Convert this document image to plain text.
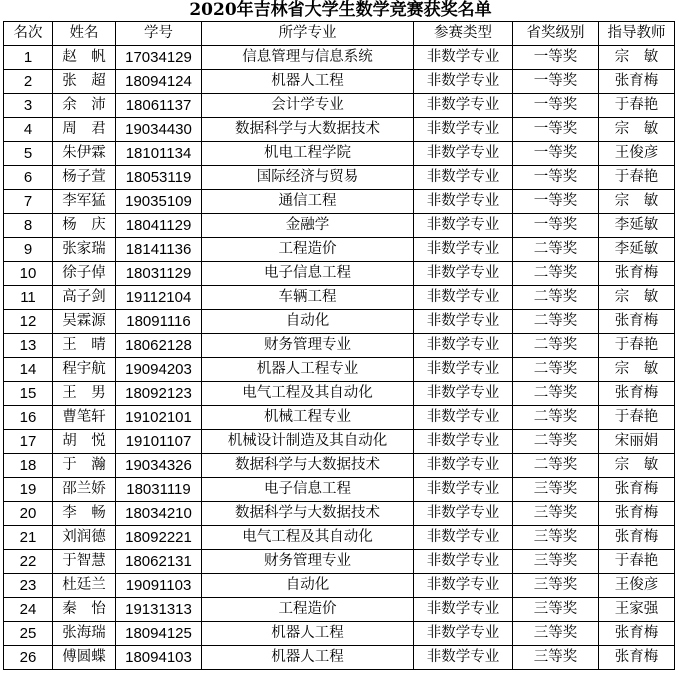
2020年吉林省大学生数学竞赛获奖名单
名次	姓名	学号	所学专业	参赛类型	省奖级别	指导教师
1	赵　帆	17034129	信息管理与信息系统	非数学专业	一等奖	宗　敏
2	张　超	18094124	机器人工程	非数学专业	一等奖	张育梅
3	余　沛	18061137	会计学专业	非数学专业	一等奖	于春艳
4	周　君	19034430	数据科学与大数据技术	非数学专业	一等奖	宗　敏
5	朱伊霖	18101134	机电工程学院	非数学专业	一等奖	王俊彦
6	杨子萱	18053119	国际经济与贸易	非数学专业	一等奖	于春艳
7	李军猛	19035109	通信工程	非数学专业	一等奖	宗　敏
8	杨　庆	18041129	金融学	非数学专业	一等奖	李延敏
9	张家瑞	18141136	工程造价	非数学专业	二等奖	李延敏
10	徐子倬	18031129	电子信息工程	非数学专业	二等奖	张育梅
11	高子剑	19112104	车辆工程	非数学专业	二等奖	宗　敏
12	吴霖源	18091116	自动化	非数学专业	二等奖	张育梅
13	王　晴	18062128	财务管理专业	非数学专业	二等奖	于春艳
14	程宇航	19094203	机器人工程专业	非数学专业	二等奖	宗　敏
15	王　男	18092123	电气工程及其自动化	非数学专业	二等奖	张育梅
16	曹笔轩	19102101	机械工程专业	非数学专业	二等奖	于春艳
17	胡　悦	19101107	机械设计制造及其自动化	非数学专业	二等奖	宋丽娟
18	于　瀚	19034326	数据科学与大数据技术	非数学专业	二等奖	宗　敏
19	邵兰娇	18031119	电子信息工程	非数学专业	三等奖	张育梅
20	李　畅	18034210	数据科学与大数据技术	非数学专业	三等奖	张育梅
21	刘润德	18092221	电气工程及其自动化	非数学专业	三等奖	张育梅
22	于智慧	18062131	财务管理专业	非数学专业	三等奖	于春艳
23	杜廷兰	19091103	自动化	非数学专业	三等奖	王俊彦
24	秦　怡	19131313	工程造价	非数学专业	三等奖	王家强
25	张海瑞	18094125	机器人工程	非数学专业	三等奖	张育梅
26	傅圆蝶	18094103	机器人工程	非数学专业	三等奖	张育梅
